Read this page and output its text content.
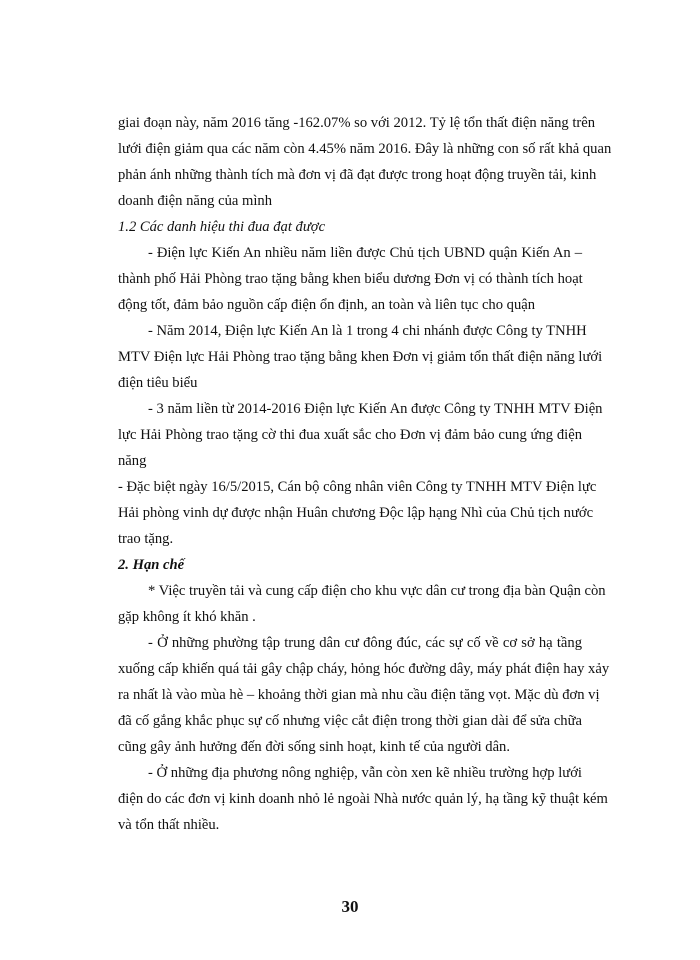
giai đoạn này, năm 2016 tăng -162.07% so với 2012. Tỷ lệ tổn thất điện năng trên
lưới điện giảm qua các năm còn 4.45% năm 2016. Đây là những con số rất khả quan
phản ánh những thành tích mà đơn vị đã đạt được trong hoạt động truyền tải, kinh
doanh điện năng của mình
1.2 Các danh hiệu thi đua đạt được
- Điện lực Kiến An nhiều năm liền được Chủ tịch UBND quận Kiến An –
thành phố Hải Phòng trao tặng bằng khen biểu dương Đơn vị có thành tích hoạt
động tốt, đảm bảo nguồn cấp điện ổn định, an toàn và liên tục cho quận
- Năm 2014, Điện lực Kiến An là 1 trong 4 chi nhánh được Công ty TNHH
MTV Điện lực Hải Phòng trao tặng bằng khen Đơn vị giảm tổn thất điện năng lưới
điện tiêu biểu
- 3 năm liền từ 2014-2016 Điện lực Kiến An được Công ty TNHH MTV Điện
lực Hải Phòng trao tặng cờ thi đua xuất sắc cho Đơn vị đảm bảo cung ứng điện
năng
- Đặc biệt ngày 16/5/2015, Cán bộ công nhân viên Công ty TNHH MTV Điện lực
Hải phòng vinh dự được nhận Huân chương Độc lập hạng Nhì của Chủ tịch nước
trao tặng.
2. Hạn chế
* Việc truyền tải và cung cấp điện cho khu vực dân cư trong địa bàn Quận còn
gặp không ít khó khăn .
- Ở những phường tập trung dân cư đông đúc, các sự cố về cơ sở hạ tầng
xuống cấp khiến quá tải gây chập cháy, hỏng hóc đường dây, máy phát điện hay xảy
ra nhất là vào mùa hè – khoảng thời gian mà nhu cầu điện tăng vọt. Mặc dù đơn vị
đã cố gắng khắc phục sự cố nhưng việc cắt điện trong thời gian dài để sửa chữa
cũng gây ảnh hưởng đến đời sống sinh hoạt, kinh tế của người dân.
- Ở những địa phương nông nghiệp, vẫn còn xen kẽ nhiều trường hợp lưới
điện do các đơn vị kinh doanh nhỏ lẻ ngoài Nhà nước quản lý, hạ tầng kỹ thuật kém
và tổn thất nhiều.
30
